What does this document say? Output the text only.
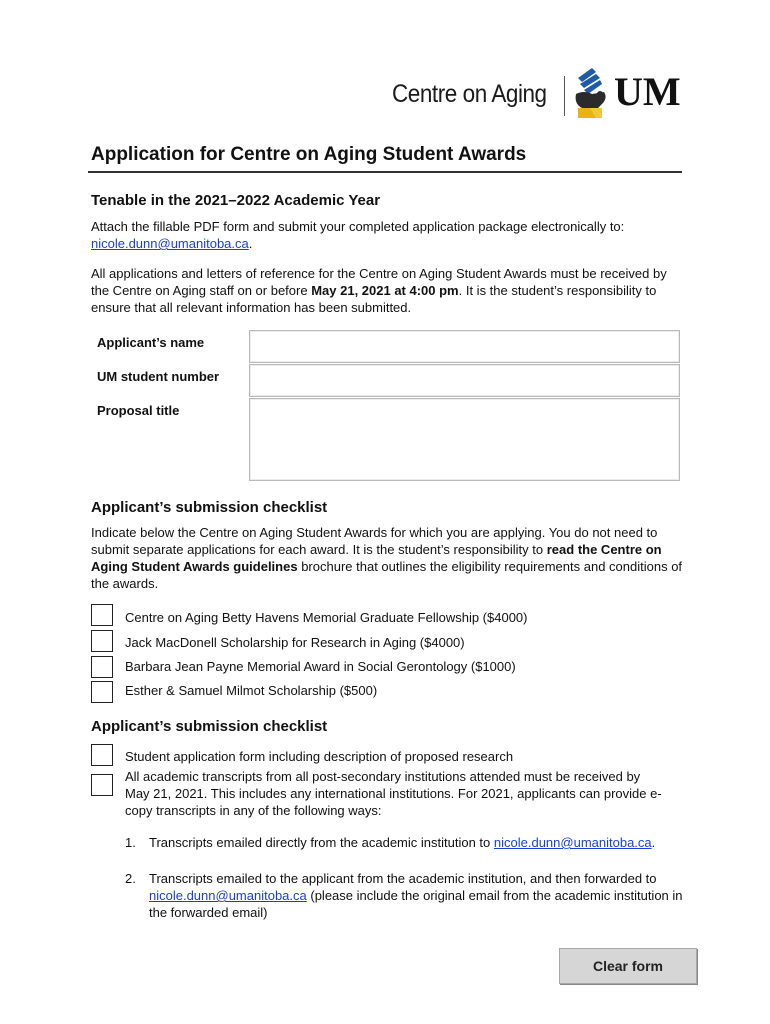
Centre on Aging UM
Application for Centre on Aging Student Awards
Tenable in the 2021–2022 Academic Year
Attach the fillable PDF form and submit your completed application package electronically to: nicole.dunn@umanitoba.ca.
All applications and letters of reference for the Centre on Aging Student Awards must be received by the Centre on Aging staff on or before May 21, 2021 at 4:00 pm. It is the student’s responsibility to ensure that all relevant information has been submitted.
Applicant’s name
UM student number
Proposal title
Applicant’s submission checklist
Indicate below the Centre on Aging Student Awards for which you are applying. You do not need to submit separate applications for each award. It is the student’s responsibility to read the Centre on Aging Student Awards guidelines brochure that outlines the eligibility requirements and conditions of the awards.
Centre on Aging Betty Havens Memorial Graduate Fellowship ($4000)
Jack MacDonell Scholarship for Research in Aging ($4000)
Barbara Jean Payne Memorial Award in Social Gerontology ($1000)
Esther & Samuel Milmot Scholarship ($500)
Applicant’s submission checklist
Student application form including description of proposed research
All academic transcripts from all post-secondary institutions attended must be received by May 21, 2021. This includes any international institutions. For 2021, applicants can provide e-copy transcripts in any of the following ways:
1. Transcripts emailed directly from the academic institution to nicole.dunn@umanitoba.ca.
2. Transcripts emailed to the applicant from the academic institution, and then forwarded to nicole.dunn@umanitoba.ca (please include the original email from the academic institution in the forwarded email)
Clear form
